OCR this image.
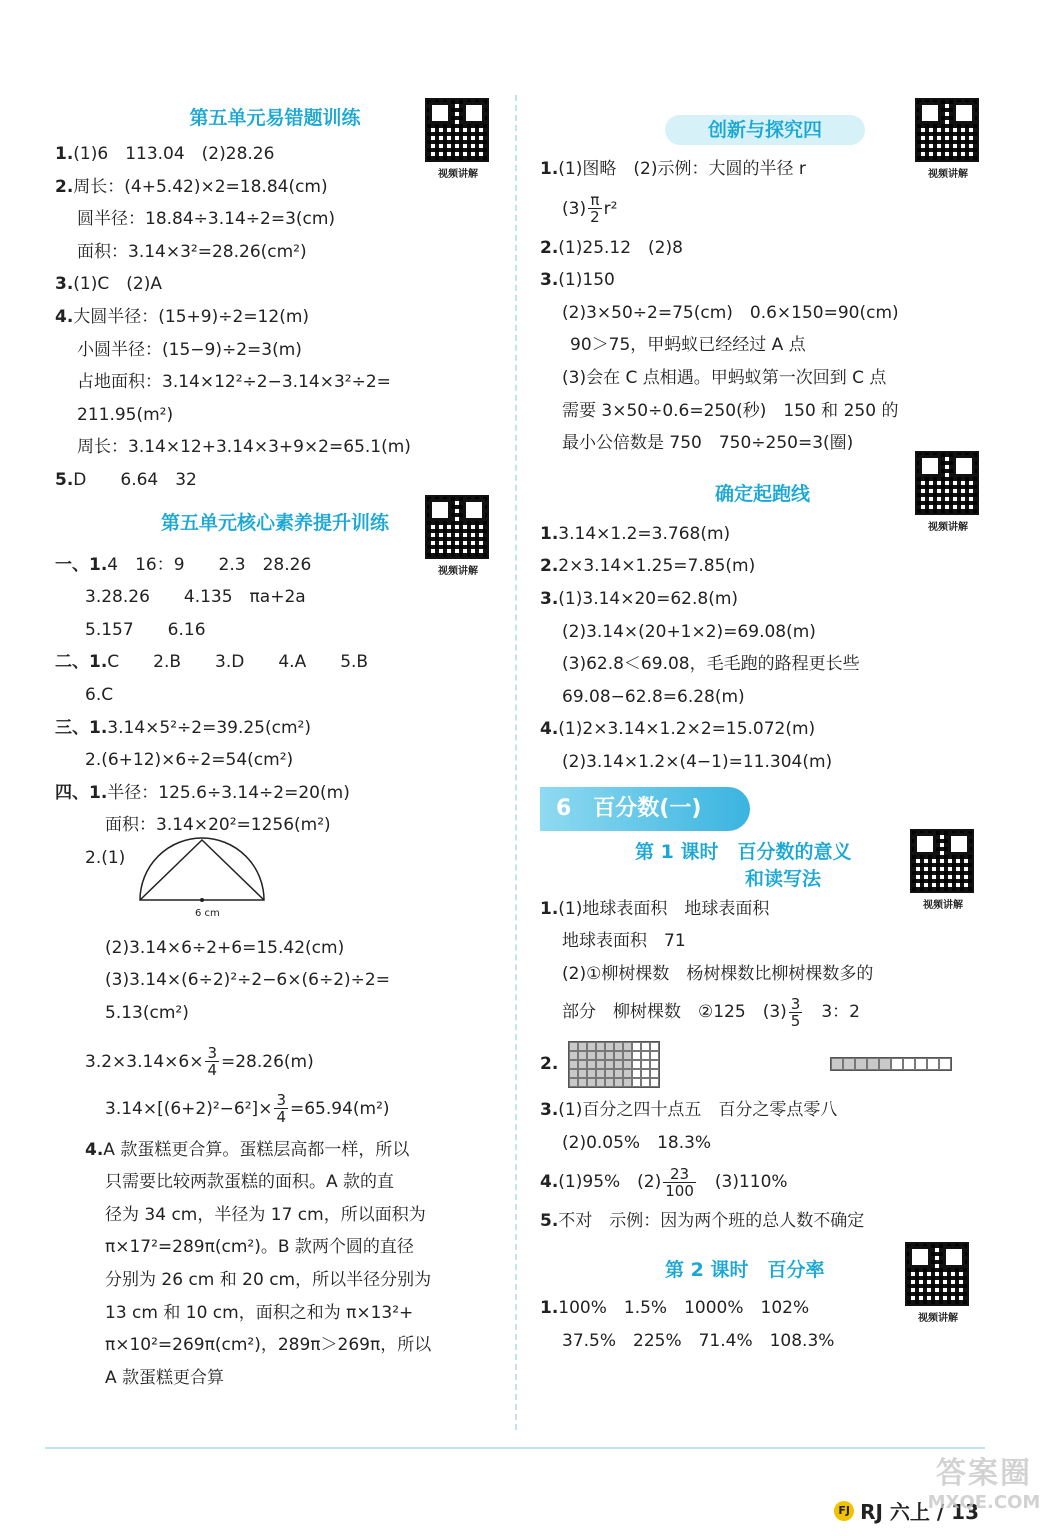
第五单元易错题训练
视频讲解
1.(1)6　113.04　(2)28.26
2.周长：(4+5.42)×2=18.84(cm)
圆半径：18.84÷3.14÷2=3(cm)
面积：3.14×3²=28.26(cm²)
3.(1)C　(2)A
4.大圆半径：(15+9)÷2=12(m)
小圆半径：(15−9)÷2=3(m)
占地面积：3.14×12²÷2−3.14×3²÷2=
211.95(m²)
周长：3.14×12+3.14×3+9×2=65.1(m)
5.D　　6.64　32
第五单元核心素养提升训练
视频讲解
一、1.4　16：9　　2.3　28.26
3.28.26　　4.135　πa+2a
5.157　　6.16
二、1.C　　2.B　　3.D　　4.A　　5.B
6.C
三、1.3.14×5²÷2=39.25(cm²)
2.(6+12)×6÷2=54(cm²)
四、1.半径：125.6÷3.14÷2=20(m)
面积：3.14×20²=1256(m²)
2.(1)
6 cm
(2)3.14×6÷2+6=15.42(cm)
(3)3.14×(6÷2)²÷2−6×(6÷2)÷2=
5.13(cm²)
$3.2\times 3.14\times 6\times \frac{3}{4} =28.26(m)$
$3.14\times[(6+2)^2-6^2]\times \frac{3}{4} =65.94(m^2)$
4.A 款蛋糕更合算。蛋糕层高都一样，所以
只需要比较两款蛋糕的面积。A 款的直
径为 34 cm，半径为 17 cm，所以面积为
π×17²=289π(cm²)。B 款两个圆的直径
分别为 26 cm 和 20 cm，所以半径分别为
13 cm 和 10 cm，面积之和为 π×13²+
π×10²=269π(cm²)，289π＞269π，所以
A 款蛋糕更合算
创新与探究四
视频讲解
1.(1)图略　(2)示例：大圆的半径 r
$(3) \frac{\pi}{2} r^2$
2.(1)25.12　(2)8
3.(1)150
(2)3×50÷2=75(cm)　0.6×150=90(cm)
90＞75，甲蚂蚁已经经过 A 点
(3)会在 C 点相遇。甲蚂蚁第一次回到 C 点
需要 3×50÷0.6=250(秒)　150 和 250 的
最小公倍数是 750　750÷250=3(圈)
确定起跑线
视频讲解
1.3.14×1.2=3.768(m)
2.2×3.14×1.25=7.85(m)
3.(1)3.14×20=62.8(m)
(2)3.14×(20+1×2)=69.08(m)
(3)62.8＜69.08，毛毛跑的路程更长些
69.08−62.8=6.28(m)
4.(1)2×3.14×1.2×2=15.072(m)
(2)3.14×1.2×(4−1)=11.304(m)
6　百分数(一)
第 1 课时　百分数的意义
和读写法
视频讲解
1.(1)地球表面积　地球表面积
地球表面积　71
(2)①柳树棵数　杨树棵数比柳树棵数多的
部分　柳树棵数　②125　$(3) \frac{3}{5}$ 　3：2
2.
3.(1)百分之四十点五　百分之零点零八
(2)0.05%　18.3%
4.(1)95%　$(2) \frac{23}{100}$ 　(3)110%
5.不对　示例：因为两个班的总人数不确定
第 2 课时　百分率
视频讲解
1.100%　1.5%　1000%　102%
37.5%　225%　71.4%　108.3%
FJ RJ 六上 / 13
答案圈
MXQE.COM
